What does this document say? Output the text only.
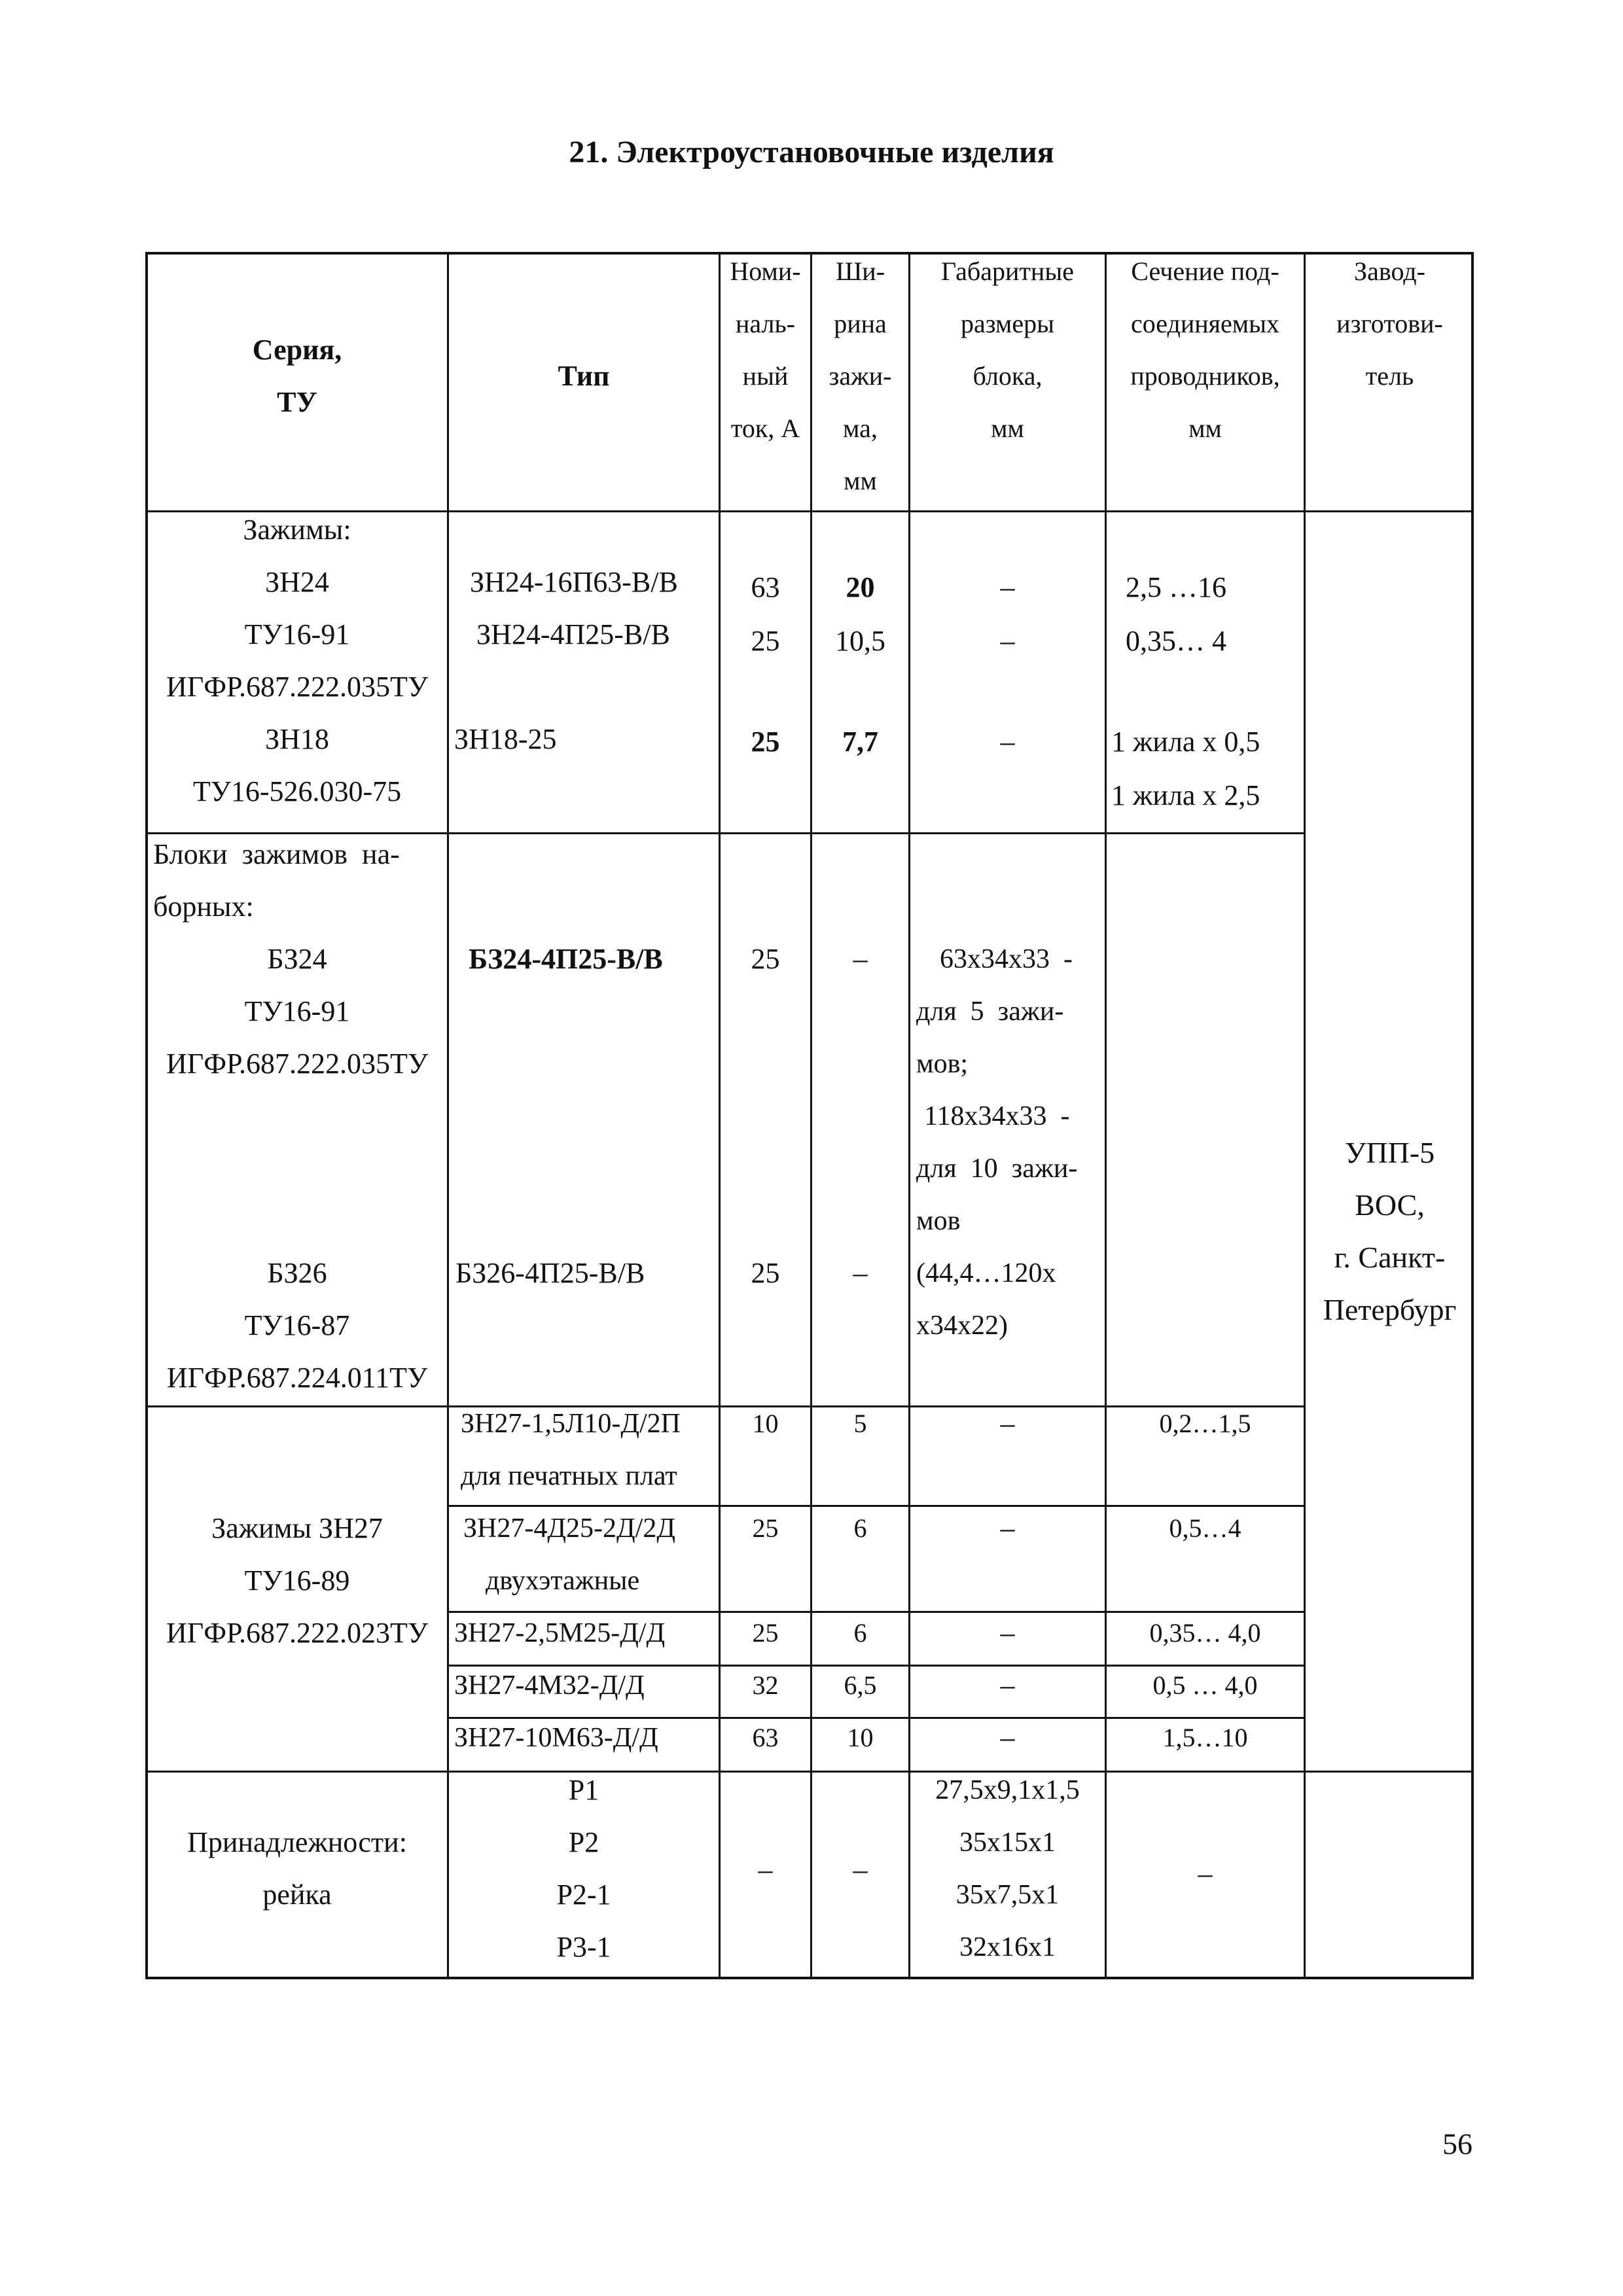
21. Электроустановочные изделия
Серия,
ТУ
Тип
Номи-
наль-
ный
ток, А
Ши-
рина
зажи-
ма,
мм
Габаритные
размеры
блока,
мм
Сечение под-
соединяемых
проводников,
мм
Завод-
изготови-
тель
Зажимы:
ЗН24
ТУ16-91
ИГФР.687.222.035ТУ
ЗН18
ТУ16-526.030-75
ЗН24-16П63-В/В
ЗН24-4П25-В/В
ЗН18-25
63
25
25
20
10,5
7,7
–
–
–
2,5 …16
0,35… 4
1 жила х 0,5
1 жила х 2,5
Блоки  зажимов  на-
борных:
БЗ24
ТУ16-91
ИГФР.687.222.035ТУ
БЗ26
ТУ16-87
ИГФР.687.224.011ТУ
БЗ24-4П25-В/В
БЗ26-4П25-В/В
25
25
–
–
63х34х33  -
для  5  зажи-
мов;
118х34х33  -
для  10  зажи-
мов
(44,4…120х
х34х22)
УПП-5
ВОС,
г. Санкт-
Петербург
Зажимы ЗН27
ТУ16-89
ИГФР.687.222.023ТУ
ЗН27-1,5Л10-Д/2П
для печатных плат
ЗН27-4Д25-2Д/2Д
двухэтажные
ЗН27-2,5М25-Д/Д
ЗН27-4М32-Д/Д
ЗН27-10М63-Д/Д
10
25
25
32
63
5
6
6
6,5
10
–
–
–
–
–
0,2…1,5
0,5…4
0,35… 4,0
0,5 … 4,0
1,5…10
Принадлежности:
рейка
Р1
Р2
Р2-1
Р3-1
–	–
27,5х9,1х1,5
35х15х1
35х7,5х1
32х16х1
–
56
